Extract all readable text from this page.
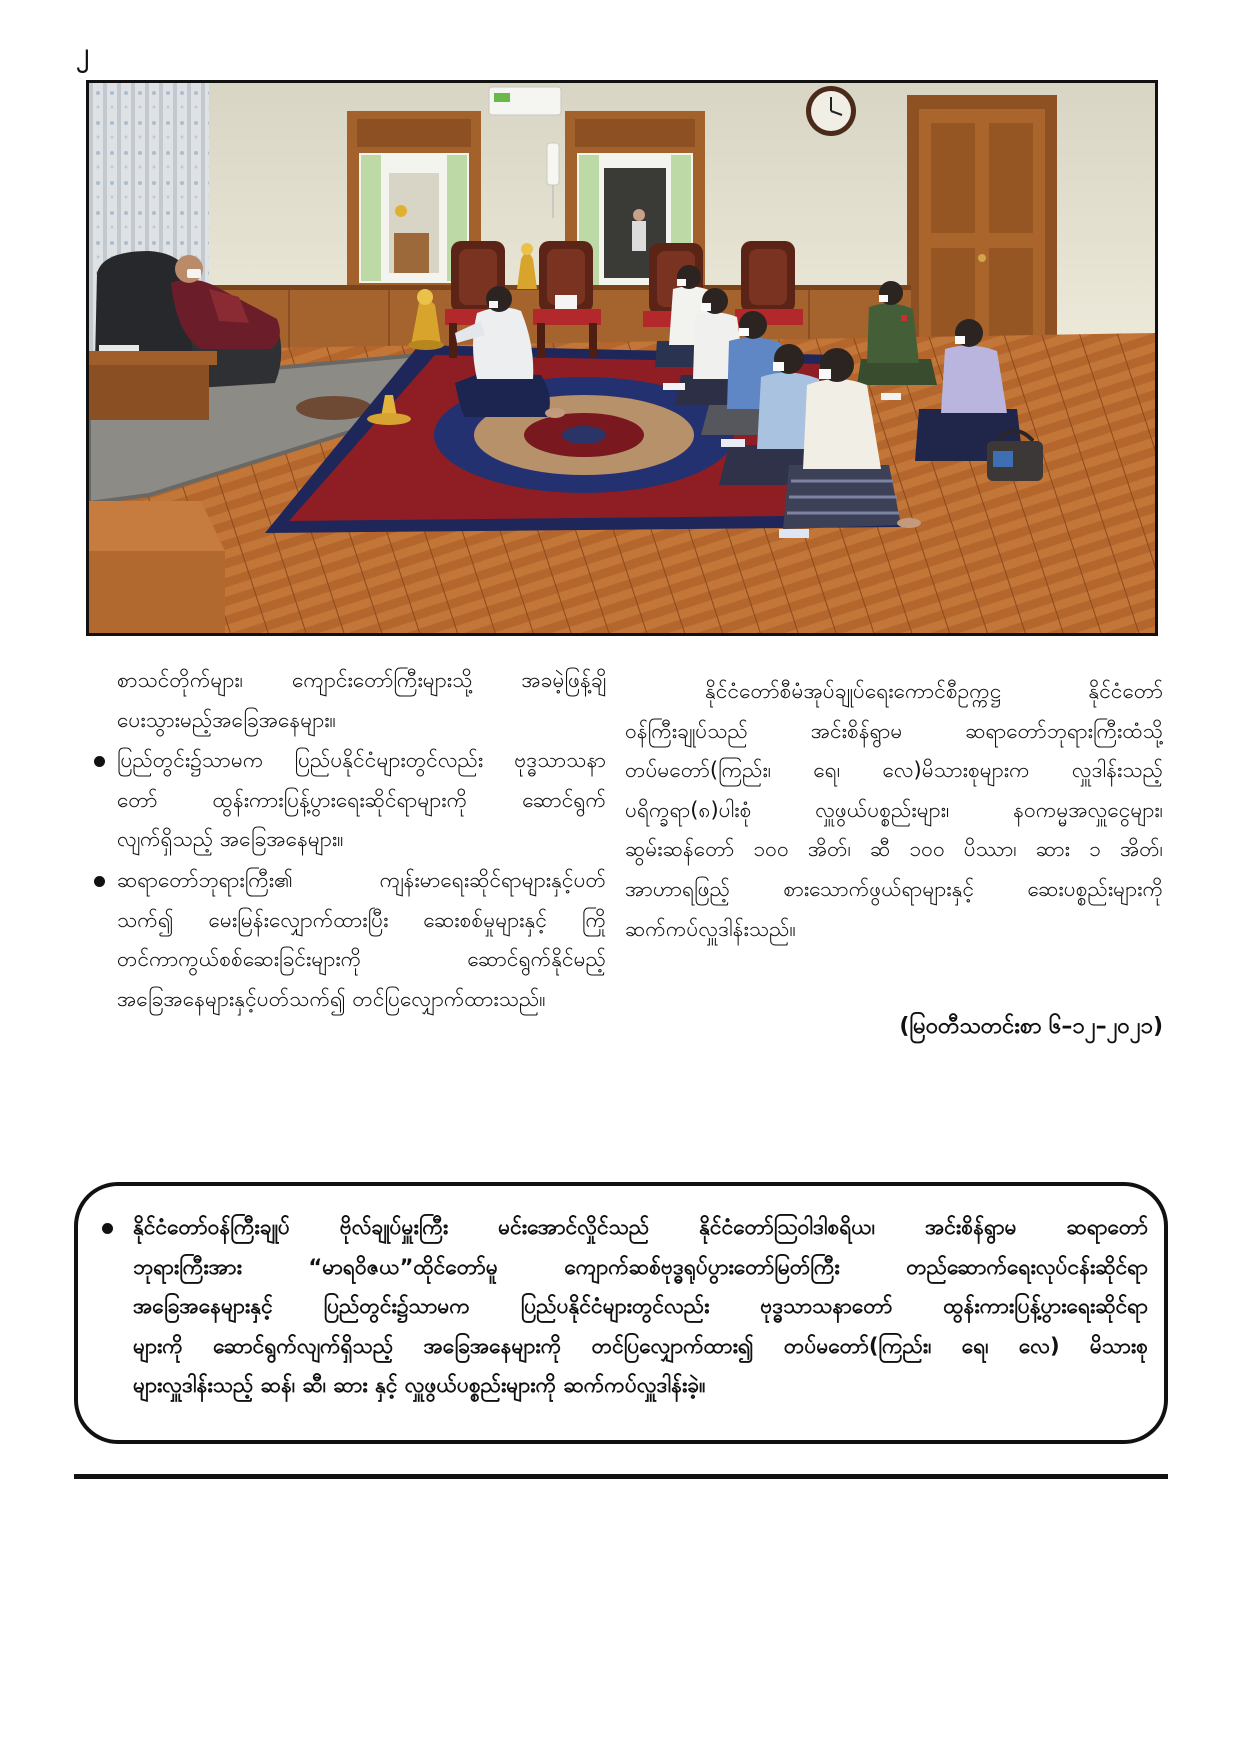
၂
စာသင်တိုက်များ၊ ကျောင်းတော်ကြီးများသို့ အခမဲ့ဖြန့်ချိ
ပေးသွားမည့်အခြေအနေများ။
ပြည်တွင်း၌သာမက ပြည်ပနိုင်ငံများတွင်လည်း ဗုဒ္ဓသာသနာ
တော် ထွန်းကားပြန့်ပွားရေးဆိုင်ရာများကို ဆောင်ရွက်
လျက်ရှိသည့် အခြေအနေများ။
ဆရာတော်ဘုရားကြီး၏ ကျန်းမာရေးဆိုင်ရာများနှင့်ပတ်
သက်၍ မေးမြန်းလျှောက်ထားပြီး ဆေးစစ်မှုများနှင့် ကြို
တင်ကာကွယ်စစ်ဆေးခြင်းများကို ဆောင်ရွက်နိုင်မည့်
အခြေအနေများနှင့်ပတ်သက်၍ တင်ပြလျှောက်ထားသည်။
နိုင်ငံတော်စီမံအုပ်ချုပ်ရေးကောင်စီဥက္ကဋ္ဌ နိုင်ငံတော်
ဝန်ကြီးချုပ်သည် အင်းစိန်ရွာမ ဆရာတော်ဘုရားကြီးထံသို့
တပ်မတော်(ကြည်း၊ ရေ၊ လေ)မိသားစုများက လှူဒါန်းသည့်
ပရိက္ခရာ(၈)ပါးစုံ လှူဖွယ်ပစ္စည်းများ၊ နဝကမ္မအလှူငွေများ၊
ဆွမ်းဆန်တော် ၁၀၀ အိတ်၊ ဆီ ၁၀၀ ပိဿာ၊ ဆား ၁ အိတ်၊
အာဟာရဖြည့် စားသောက်ဖွယ်ရာများနှင့် ဆေးပစ္စည်းများကို
ဆက်ကပ်လှူဒါန်းသည်။
(မြဝတီသတင်းစာ ၆–၁၂–၂၀၂၁)
နိုင်ငံတော်ဝန်ကြီးချုပ် ဗိုလ်ချုပ်မှူးကြီး မင်းအောင်လှိုင်သည် နိုင်ငံတော်သြဝါဒါစရိယ၊ အင်းစိန်ရွာမ ဆရာတော်
ဘုရားကြီးအား “မာရဝိဇယ”ထိုင်တော်မူ ကျောက်ဆစ်ဗုဒ္ဓရုပ်ပွားတော်မြတ်ကြီး တည်ဆောက်ရေးလုပ်ငန်းဆိုင်ရာ
အခြေအနေများနှင့် ပြည်တွင်း၌သာမက ပြည်ပနိုင်ငံများတွင်လည်း ဗုဒ္ဓသာသနာတော် ထွန်းကားပြန့်ပွားရေးဆိုင်ရာ
များကို ဆောင်ရွက်လျက်ရှိသည့် အခြေအနေများကို တင်ပြလျှောက်ထား၍ တပ်မတော်(ကြည်း၊ ရေ၊ လေ) မိသားစု
များလှူဒါန်းသည့် ဆန်၊ ဆီ၊ ဆား နှင့် လှူဖွယ်ပစ္စည်းများကို ဆက်ကပ်လှူဒါန်းခဲ့။
